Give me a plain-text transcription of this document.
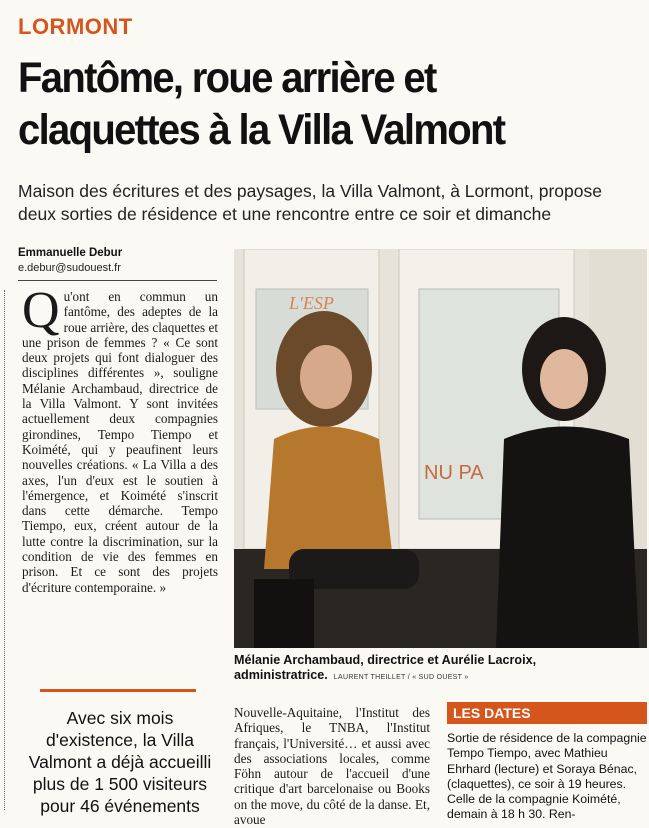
LORMONT
Fantôme, roue arrière et claquettes à la Villa Valmont
Maison des écritures et des paysages, la Villa Valmont, à Lormont, propose deux sorties de résidence et une rencontre entre ce soir et dimanche
Emmanuelle Debur
e.debur@sudouest.fr
Qu'ont en commun un fantôme, des adeptes de la roue arrière, des claquettes et une prison de femmes ? « Ce sont deux projets qui font dialoguer des disciplines différentes », souligne Mélanie Archambaud, directrice de la Villa Valmont. Y sont invitées actuellement deux compagnies girondines, Tempo Tiempo et Koimété, qui y peaufinent leurs nouvelles créations. « La Villa a des axes, l'un d'eux est le soutien à l'émergence, et Koimété s'inscrit dans cette démarche. Tempo Tiempo, eux, créent autour de la lutte contre la discrimination, sur la condition de vie des femmes en prison. Et ce sont des projets d'écriture contemporaine. »
L'ESP
NU PA
Mélanie Archambaud, directrice et Aurélie Lacroix, administratrice. LAURENT THEILLET / « SUD OUEST »
Avec six mois d'existence, la Villa Valmont a déjà accueilli plus de 1 500 visiteurs pour 46 événements
Nouvelle-Aquitaine, l'Institut des Afriques, le TNBA, l'Institut français, l'Université… et aussi avec des associations locales, comme Föhn autour de l'accueil d'une critique d'art barcelonaise ou Books on the move, du côté de la danse. Et, avoue
LES DATES
Sortie de résidence de la compagnie Tempo Tiempo, avec Mathieu Ehrhard (lecture) et Soraya Bénac, (claquettes), ce soir à 19 heures. Celle de la compagnie Koimété, demain à 18 h 30. Ren-
